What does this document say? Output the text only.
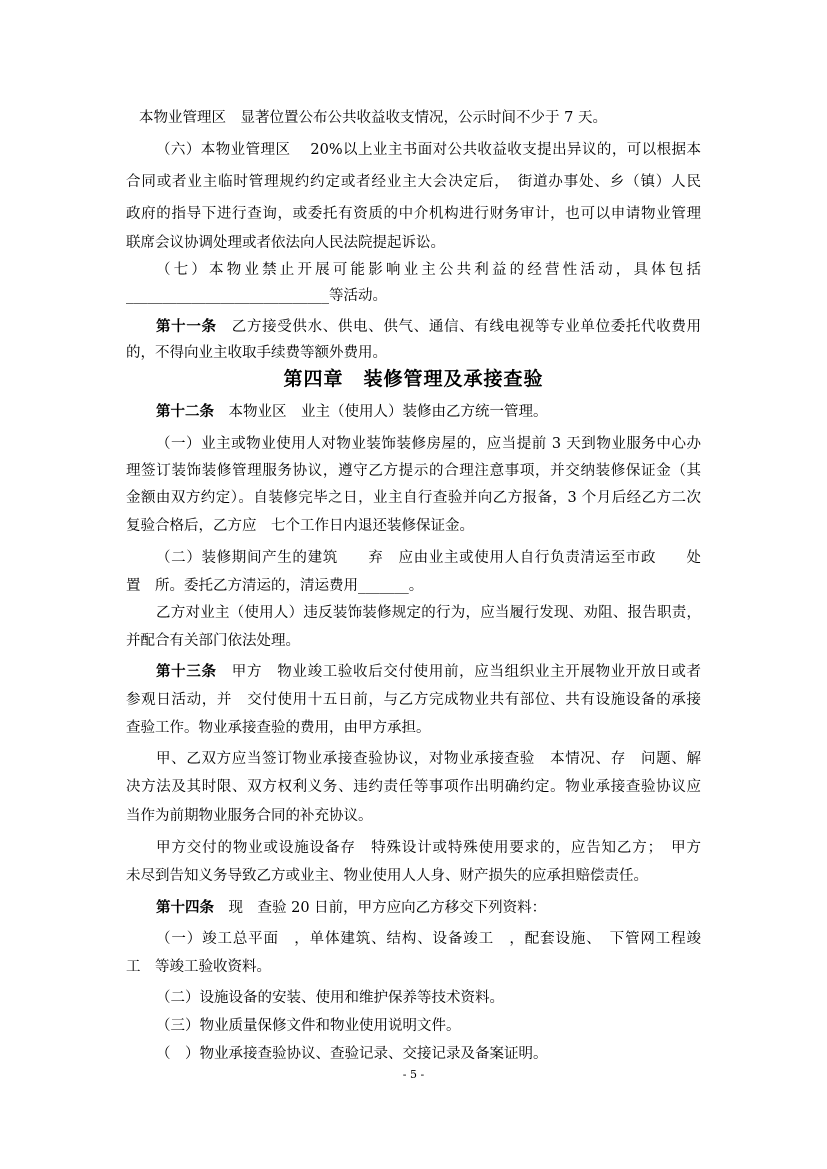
本物业管理区　显著位置公布公共收益收支情况，公示时间不少于 7 天。
（六）本物业管理区　 20%以上业主书面对公共收益收支提出异议的，可以根据本
合同或者业主临时管理规约约定或者经业主大会决定后，　街道办事处、乡（镇）人民
政府的指导下进行查询，或委托有资质的中介机构进行财务审计，也可以申请物业管理
联席会议协调处理或者依法向人民法院提起诉讼。
（七）本物业禁止开展可能影响业主公共利益的经营性活动，具体包括
____________________________等活动。
第十一条　乙方接受供水、供电、供气、通信、有线电视等专业单位委托代收费用
的，不得向业主收取手续费等额外费用。
第四章　装修管理及承接查验
第十二条　本物业区　业主（使用人）装修由乙方统一管理。
（一）业主或物业使用人对物业装饰装修房屋的，应当提前 3 天到物业服务中心办
理签订装饰装修管理服务协议，遵守乙方提示的合理注意事项，并交纳装修保证金（其
金额由双方约定）。自装修完毕之日，业主自行查验并向乙方报备，3 个月后经乙方二次
复验合格后，乙方应　七个工作日内退还装修保证金。
（二）装修期间产生的建筑　　弃　应由业主或使用人自行负责清运至市政　　处
置　所。委托乙方清运的，清运费用_______。
乙方对业主（使用人）违反装饰装修规定的行为，应当履行发现、劝阻、报告职责，
并配合有关部门依法处理。
第十三条　甲方　物业竣工验收后交付使用前，应当组织业主开展物业开放日或者
参观日活动，并　交付使用十五日前，与乙方完成物业共有部位、共有设施设备的承接
查验工作。物业承接查验的费用，由甲方承担。
甲、乙双方应当签订物业承接查验协议，对物业承接查验　本情况、存　问题、解
决方法及其时限、双方权利义务、违约责任等事项作出明确约定。物业承接查验协议应
当作为前期物业服务合同的补充协议。
甲方交付的物业或设施设备存　特殊设计或特殊使用要求的，应告知乙方；　甲方
未尽到告知义务导致乙方或业主、物业使用人人身、财产损失的应承担赔偿责任。
第十四条　现　查验 20 日前，甲方应向乙方移交下列资料：
（一）竣工总平面　，单体建筑、结构、设备竣工　，配套设施、　下管网工程竣
工　等竣工验收资料。
（二）设施设备的安装、使用和维护保养等技术资料。
（三）物业质量保修文件和物业使用说明文件。
（　）物业承接查验协议、查验记录、交接记录及备案证明。
- 5 -
